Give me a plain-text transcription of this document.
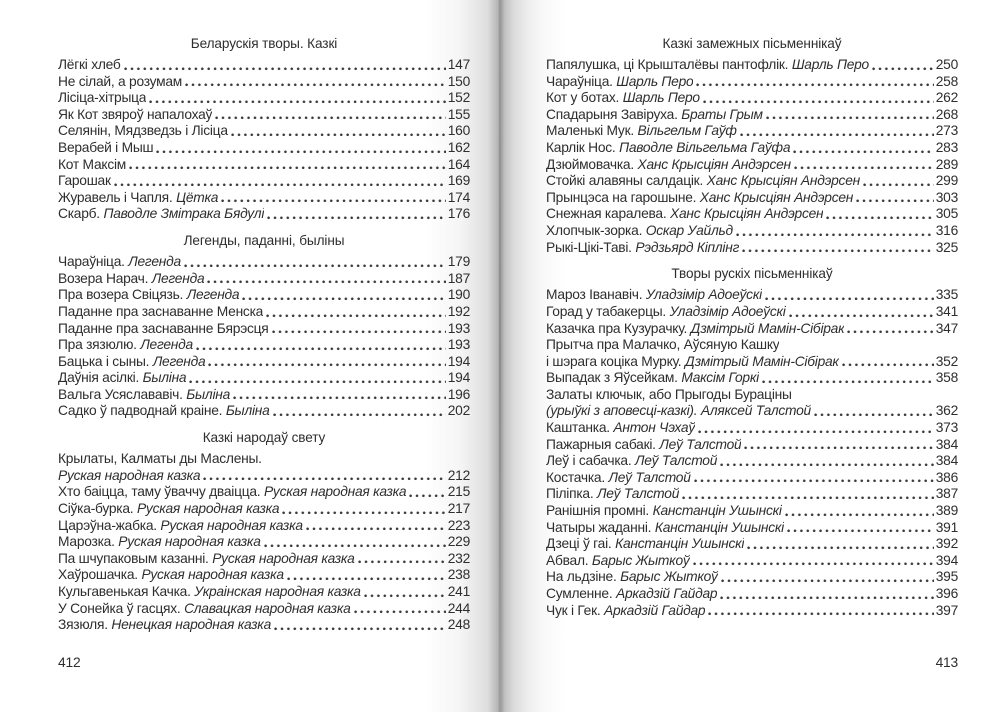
Беларускія творы. Казкі
Лёгкі хлеб	147
Не сілай, а розумам	150
Лісіца-хітрыца	152
Як Кот звяроў напалохаў	155
Селянін, Мядзведзь і Лісіца	160
Верабей і Мыш	162
Кот Максім	164
Гарошак	169
Журавель і Чапля. Цётка	174
Скарб. Паводле Змітрака Бядулі	176
Легенды, паданні, быліны
Чараўніца. Легенда	179
Возера Нарач. Легенда	187
Пра возера Свіцязь. Легенда	190
Паданне пра заснаванне Менска	192
Паданне пра заснаванне Бярэсця	193
Пра зязюлю. Легенда	193
Бацька і сыны. Легенда	194
Даўнія асілкі. Быліна	194
Вальга Усяслававіч. Быліна	196
Садко ў падводнай краіне. Быліна	202
Казкі народаў свету
Крылаты, Калматы ды Маслены.
Руская народная казка	212
Хто баіцца, таму ўваччу дваіцца. Руская народная казка	215
Сіўка-бурка. Руская народная казка	217
Царэўна-жабка. Руская народная казка	223
Марозка. Руская народная казка	229
Па шчупаковым казанні. Руская народная казка	232
Хаўрошачка. Руская народная казка	238
Кульгавенькая Качка. Украінская народная казка	241
У Сонейка ў гасцях. Славацкая народная казка	244
Зязюля. Ненецкая народная казка	248
412
Казкі замежных пісьменнікаў
Папялушка, ці Крышталёвы пантофлік. Шарль Перо	250
Чараўніца. Шарль Перо	258
Кот у ботах. Шарль Перо	262
Спадарыня Завіруха. Браты Грым	268
Маленькі Мук. Вільгельм Гаўф	273
Карлік Нос. Паводле Вільгельма Гаўфа	283
Дзюймовачка. Ханс Крысціян Андэрсен	289
Стойкі алавяны салдацік. Ханс Крысціян Андэрсен	299
Прынцэса на гарошыне. Ханс Крысціян Андэрсен	303
Снежная каралева. Ханс Крысціян Андэрсен	305
Хлопчык-зорка. Оскар Уайльд	316
Рыкі-Цікі-Таві. Рэдзьярд Кіплінг	325
Творы рускіх пісьменнікаў
Мароз Іванавіч. Уладзімір Адоеўскі	335
Горад у табакерцы. Уладзімір Адоеўскі	341
Казачка пра Кузурачку. Дзмітрый Мамін-Сібірак	347
Прытча пра Малачко, Аўсяную Кашку
і шэрага коціка Мурку. Дзмітрый Мамін-Сібірак	352
Выпадак з Яўсейкам. Максім Горкі	358
Залаты ключык, або Прыгоды Бураціны
(урыўкі з аповесці-казкі). Аляксей Талстой	362
Каштанка. Антон Чэхаў	373
Пажарныя сабакі. Леў Талстой	384
Леў і сабачка. Леў Талстой	384
Костачка. Леў Талстой	386
Піліпка. Леў Талстой	387
Ранішнія промні. Канстанцін Ушынскі	389
Чатыры жаданні. Канстанцін Ушынскі	391
Дзеці ў гаі. Канстанцін Ушынскі	392
Абвал. Барыс Жыткоў	394
На льдзіне. Барыс Жыткоў	395
Сумленне. Аркадзій Гайдар	396
Чук і Гек. Аркадзій Гайдар	397
413
